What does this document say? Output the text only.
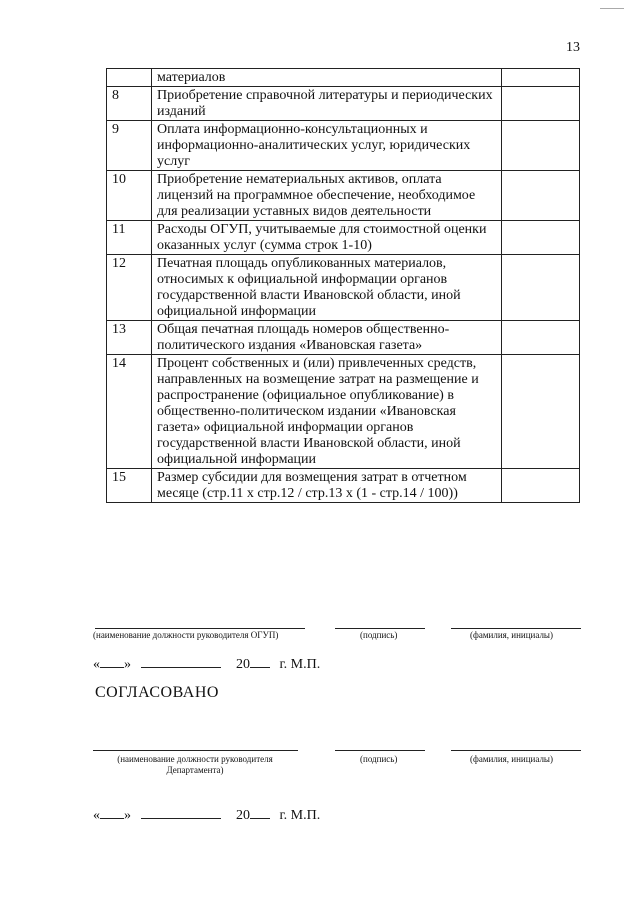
13
	материалов	
8	Приобретение справочной литературы и периодических изданий	
9	Оплата информационно-консультационных и информационно-аналитических услуг, юридических услуг	
10	Приобретение нематериальных активов, оплата лицензий на программное обеспечение, необходимое для реализации уставных видов деятельности	
11	Расходы ОГУП, учитываемые для стоимостной оценки оказанных услуг (сумма строк 1-10)	
12	Печатная площадь опубликованных материалов, относимых к официальной информации органов государственной власти Ивановской области, иной официальной информации	
13	Общая печатная площадь номеров общественно-политического издания «Ивановская газета»	
14	Процент собственных и (или) привлеченных средств, направленных на возмещение затрат на размещение и распространение (официальное опубликование) в общественно-политическом издании «Ивановская газета» официальной информации органов государственной власти Ивановской области, иной официальной информации	
15	Размер субсидии для возмещения затрат в отчетном месяце (стр.11 х стр.12 / стр.13 х (1 - стр.14 / 100))	
(наименование должности руководителя ОГУП)	(подпись)	(фамилия, инициалы)
« »	20 г. М.П.
СОГЛАСОВАНО
(наименование должности руководителя Департамента)
(подпись)	(фамилия, инициалы)
« »	20 г. М.П.
